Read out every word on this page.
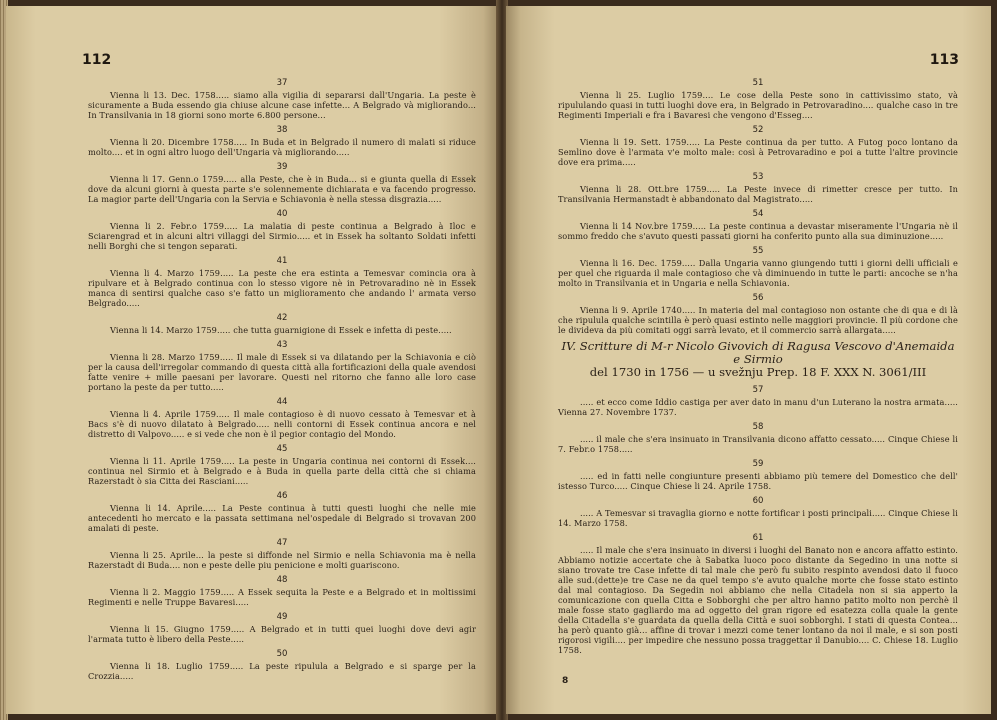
112
37
Vienna li 13. Dec. 1758..... siamo alla vigilia di separarsi dall'Ungaria. La peste è sicuramente a Buda essendo gia chiuse alcune case infette... A Belgrado và migliorando... In Transilvania in 18 giorni sono morte 6.800 persone...
38
Vienna li 20. Dicembre 1758..... In Buda et in Belgrado il numero di malati si riduce molto.... et in ogni altro luogo dell'Ungaria và migliorando.....
39
Vienna li 17. Genn.o 1759..... alla Peste, che è in Buda... si e giunta quella di Essek dove da alcuni giorni à questa parte s'e solennemente dichiarata e va facendo progresso. La magior parte dell'Ungaria con la Servia e Schiavonia è nella stessa disgrazia.....
40
Vienna li 2. Febr.o 1759..... La malatia di peste continua a Belgrado à Iloc e Sciarengrad et in alcuni altri villaggi del Sirmio..... et in Essek ha soltanto Soldati infetti nelli Borghi che si tengon separati.
41
Vienna li 4. Marzo 1759..... La peste che era estinta a Temesvar comincia ora à ripulvare et à Belgrado continua con lo stesso vigore nè in Petrovaradino nè in Essek manca di sentirsi qualche caso s'e fatto un miglioramento che andando l' armata verso Belgrado.....
42
Vienna li 14. Marzo 1759..... che tutta guarnigione di Essek e infetta di peste.....
43
Vienna li 28. Marzo 1759..... Il male di Essek si va dilatando per la Schiavonia e ciò per la causa dell'irregolar commando di questa città alla fortificazioni della quale avendosi fatte venire + mille paesani per lavorare. Questi nel ritorno che fanno alle loro case portano la peste da per tutto.....
44
Vienna li 4. Aprile 1759..... Il male contagioso è di nuovo cessato à Temesvar et à Bacs s'è di nuovo dilatato à Belgrado..... nelli contorni di Essek continua ancora e nel distretto di Valpovo..... e si vede che non è il pegior contagio del Mondo.
45
Vienna li 11. Aprile 1759..... La peste in Ungaria continua nei contorni di Essek.... continua nel Sirmio et à Belgrado e à Buda in quella parte della città che si chiama Razerstadt ò sia Citta dei Rasciani.....
46
Vienna li 14. Aprile..... La Peste continua à tutti questi luoghi che nelle mie antecedenti ho mercato e la passata settimana nel'ospedale di Belgrado si trovavan 200 amalati di peste.
47
Vienna li 25. Aprile... la peste si diffonde nel Sirmio e nella Schiavonia ma è nella Razerstadt di Buda.... non e peste delle piu penicione e molti guariscono.
48
Vienna li 2. Maggio 1759..... A Essek sequita la Peste e a Belgrado et in moltissimi Regimenti e nelle Truppe Bavaresi.....
49
Vienna li 15. Giugno 1759..... A Belgrado et in tutti quei luoghi dove devi agir l'armata tutto è libero della Peste.....
50
Vienna li 18. Luglio 1759..... La peste ripulula a Belgrado e si sparge per la Crozzia.....
113
51
Vienna li 25. Luglio 1759.... Le cose della Peste sono in cattivissimo stato, và ripululando quasi in tutti luoghi dove era, in Belgrado in Petrovaradino.... qualche caso in tre Regimenti Imperiali e fra i Bavaresi che vengono d'Esseg....
52
Vienna li 19. Sett. 1759..... La Peste continua da per tutto. A Futog poco lontano da Semlino dove è l'armata v'e molto male: così à Petrovaradino e poi a tutte l'altre provincie dove era prima.....
53
Vienna li 28. Ott.bre 1759..... La Peste invece di rimetter cresce per tutto. In Transilvania Hermanstadt è abbandonato dal Magistrato.....
54
Vienna li 14 Nov.bre 1759..... La peste continua a devastar miseramente l'Ungaria nè il sommo freddo che s'avuto questi passati giorni ha conferito punto alla sua diminuzione.....
55
Vienna li 16. Dec. 1759..... Dalla Ungaria vanno giungendo tutti i giorni delli ufficiali e per quel che riguarda il male contagioso che và diminuendo in tutte le parti: ancoche se n'ha molto in Transilvania et in Ungaria e nella Schiavonia.
56
Vienna li 9. Aprile 1740..... In materia del mal contagioso non ostante che di qua e di là che ripulula qualche scintilla è però quasi estinto nelle maggiori provincie. Il più cordone che le divideva da più comitati oggi sarrà levato, et il commercio sarrà allargata.....
IV. Scritture di M-r Nicolo Givovich di Ragusa Vescovo d'Anemaida e Sirmio
del 1730 in 1756 — u svežnju Prep. 18 F. XXX N. 3061/III
57
..... et ecco come Iddio castiga per aver dato in manu d'un Luterano la nostra armata..... Vienna 27. Novembre 1737.
58
..... il male che s'era insinuato in Transilvania dicono affatto cessato..... Cinque Chiese li 7. Febr.o 1758.....
59
..... ed in fatti nelle congiunture presenti abbiamo più temere del Domestico che dell' istesso Turco..... Cinque Chiese li 24. Aprile 1758.
60
..... A Temesvar si travaglia giorno e notte fortificar i posti principali..... Cinque Chiese li 14. Marzo 1758.
61
..... Il male che s'era insinuato in diversi i luoghi del Banato non e ancora affatto estinto. Abbiamo notizie accertate che à Sabatka luoco poco distante da Segedino in una notte si siano trovate tre Case infette di tal male che però fu subito respinto avendosi dato il fuoco alle sud.(dette)e tre Case ne da quel tempo s'e avuto qualche morte che fosse stato estinto dal mal contagioso. Da Segedin noi abbiamo che nella Citadela non si sia apperto la comunicazione con quella Citta e Sobborghi che per altro hanno patito molto non perchè il male fosse stato gagliardo ma ad oggetto del gran rigore ed esatezza colla quale la gente della Citadella s'e guardata da quella della Città e suoi sobborghi. I stati di questa Contea... ha però quanto già... affine di trovar i mezzi come tener lontano da noi il male, e si son posti rigorosi vigili.... per impedire che nessuno possa traggettar il Danubio.... C. Chiese 18. Luglio 1758.
8
